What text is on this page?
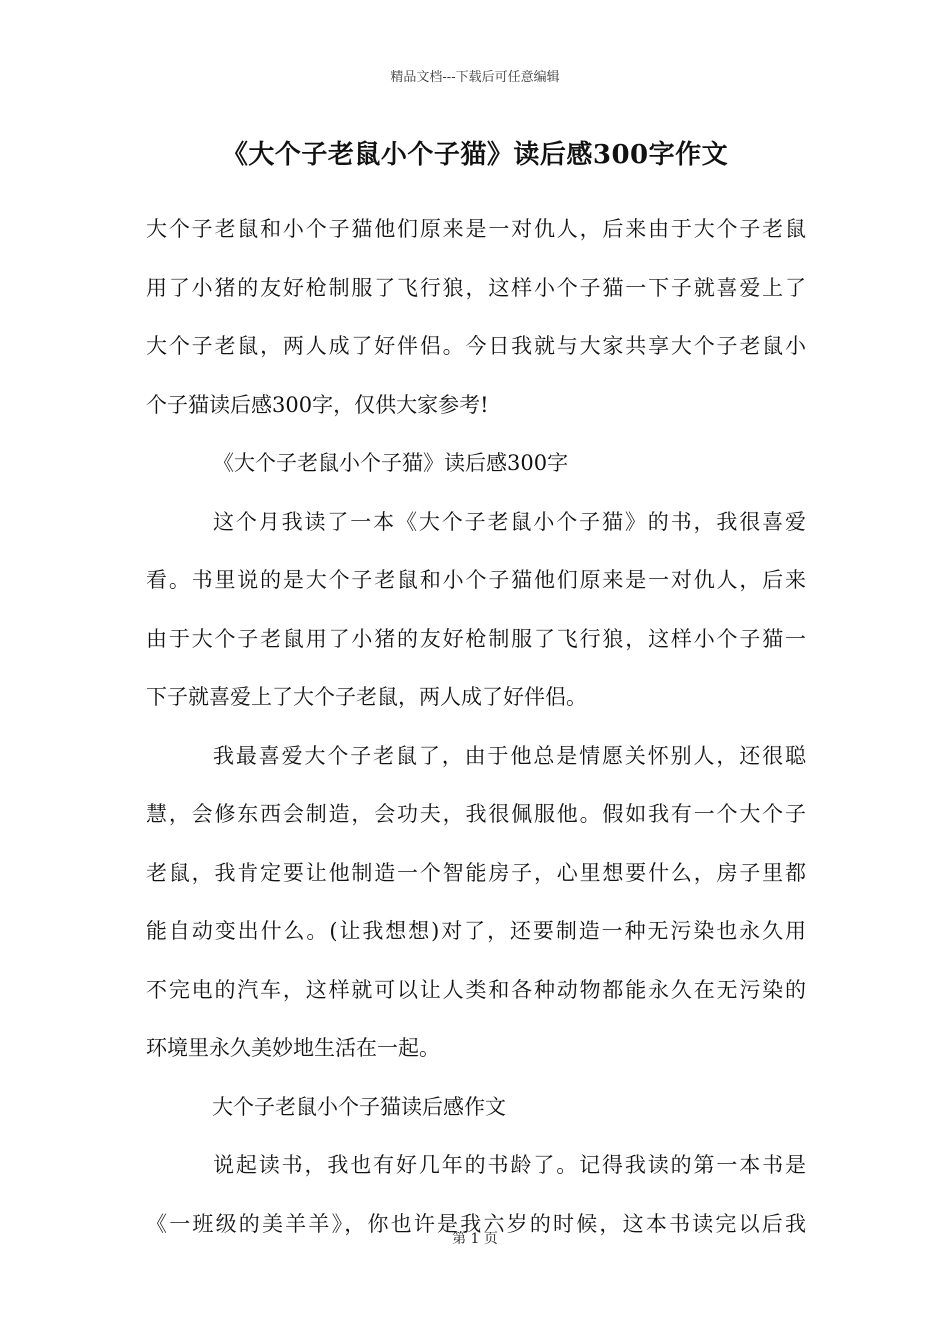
精品文档---下载后可任意编辑
《大个子老鼠小个子猫》读后感300字作文

大个子老鼠和小个子猫他们原来是一对仇人，后来由于大个子老鼠

用了小猪的友好枪制服了飞行狼，这样小个子猫一下子就喜爱上了

大个子老鼠，两人成了好伴侣。今日我就与大家共享大个子老鼠小

个子猫读后感300字，仅供大家参考!

《大个子老鼠小个子猫》读后感300字

这个月我读了一本《大个子老鼠小个子猫》的书，我很喜爱

看。书里说的是大个子老鼠和小个子猫他们原来是一对仇人，后来

由于大个子老鼠用了小猪的友好枪制服了飞行狼，这样小个子猫一

下子就喜爱上了大个子老鼠，两人成了好伴侣。

我最喜爱大个子老鼠了，由于他总是情愿关怀别人，还很聪

慧，会修东西会制造，会功夫，我很佩服他。假如我有一个大个子

老鼠，我肯定要让他制造一个智能房子，心里想要什么，房子里都

能自动变出什么。(让我想想)对了，还要制造一种无污染也永久用

不完电的汽车，这样就可以让人类和各种动物都能永久在无污染的

环境里永久美妙地生活在一起。

大个子老鼠小个子猫读后感作文

说起读书，我也有好几年的书龄了。记得我读的第一本书是

《一班级的美羊羊》，你也许是我六岁的时候，这本书读完以后我

第 1 页
